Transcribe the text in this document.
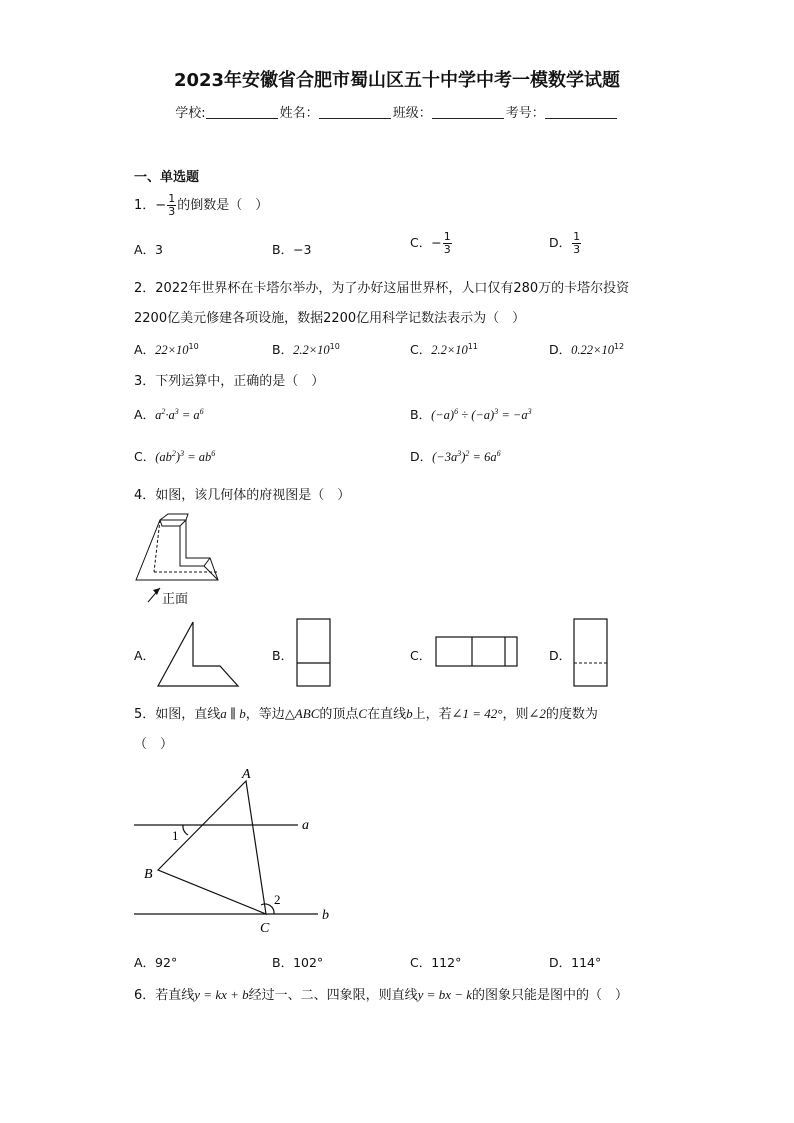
2023年安徽省合肥市蜀山区五十中学中考一模数学试题
学校:	姓名：	班级：	考号：
一、单选题
1．− $\frac{1}{3}$ 的倒数是（　）
A．3	B．−3	C．− $\frac{1}{3}$	D． $\frac{1}{3}$
2．2022年世界杯在卡塔尔举办，为了办好这届世界杯，人口仅有280万的卡塔尔投资
2200亿美元修建各项设施，数据2200亿用科学记数法表示为（　）
A．$22\times 10^{10}$	B．$2.2\times 10^{10}$	C．$2.2\times 10^{11}$	D．$0.22\times 10^{12}$
3．下列运算中，正确的是（　）
A．$a^2\cdot a^3 = a^6$	B．$(-a)^6 \div (-a)^3 = -a^3$
C．$(ab^2)^3 = ab^6$	D．$(-3a^3)^2 = 6a^6$
4．如图，该几何体的府视图是（　）
正面
A．	B．	C．	D．
5．如图，直线a ∥ b，等边△ABC的顶点C在直线b上，若∠1 = 42°，则∠2的度数为
（　）
A
B
C
a
b
1
2
A．92°	B．102°	C．112°	D．114°
6．若直线y = kx + b经过一、二、四象限，则直线y = bx − k的图象只能是图中的（　）
